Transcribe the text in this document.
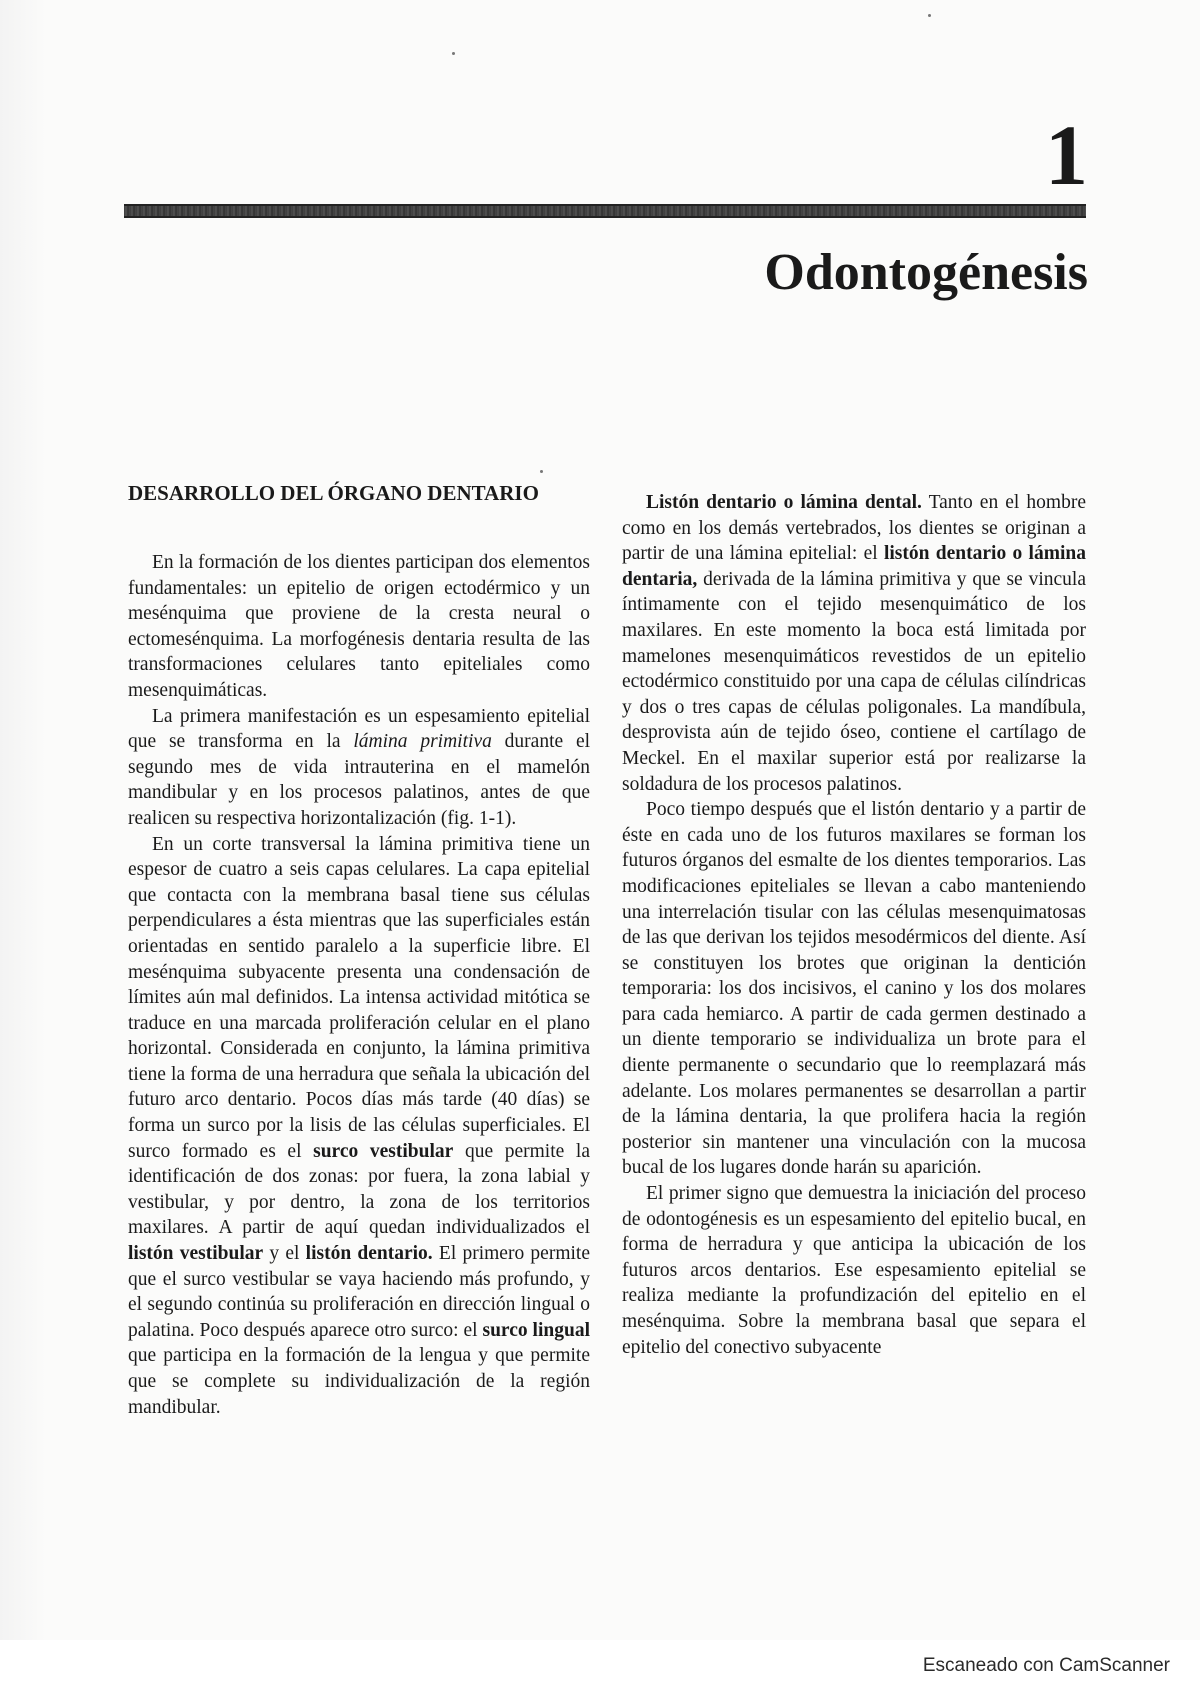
1
Odontogénesis
DESARROLLO DEL ÓRGANO DENTARIO

En la formación de los dientes participan dos elementos fundamentales: un epitelio de origen ectodérmico y un mesénquima que proviene de la cresta neural o ectomesénquima. La morfogénesis dentaria resulta de las transformaciones celulares tanto epiteliales como mesenquimáticas.

La primera manifestación es un espesamiento epitelial que se transforma en la lámina primitiva durante el segundo mes de vida intrauterina en el mamelón mandibular y en los procesos palatinos, antes de que realicen su respectiva horizontalización (fig. 1-1).

En un corte transversal la lámina primitiva tiene un espesor de cuatro a seis capas celulares. La capa epitelial que contacta con la membrana basal tiene sus células perpendiculares a ésta mientras que las superficiales están orientadas en sentido paralelo a la superficie libre. El mesénquima subyacente presenta una condensación de límites aún mal definidos. La intensa actividad mitótica se traduce en una marcada proliferación celular en el plano horizontal. Considerada en conjunto, la lámina primitiva tiene la forma de una herradura que señala la ubicación del futuro arco dentario. Pocos días más tarde (40 días) se forma un surco por la lisis de las células superficiales. El surco formado es el surco vestibular que permite la identificación de dos zonas: por fuera, la zona labial y vestibular, y por dentro, la zona de los territorios maxilares. A partir de aquí quedan individualizados el listón vestibular y el listón dentario. El primero permite que el surco vestibular se vaya haciendo más profundo, y el segundo continúa su proliferación en dirección lingual o palatina. Poco después aparece otro surco: el surco lingual que participa en la formación de la lengua y que permite que se complete su individualización de la región mandibular.

Listón dentario o lámina dental. Tanto en el hombre como en los demás vertebrados, los dientes se originan a partir de una lámina epitelial: el listón dentario o lámina dentaria, derivada de la lámina primitiva y que se vincula íntimamente con el tejido mesenquimático de los maxilares. En este momento la boca está limitada por mamelones mesenquimáticos revestidos de un epitelio ectodérmico constituido por una capa de células cilíndricas y dos o tres capas de células poligonales. La mandíbula, desprovista aún de tejido óseo, contiene el cartílago de Meckel. En el maxilar superior está por realizarse la soldadura de los procesos palatinos.

Poco tiempo después que el listón dentario y a partir de éste en cada uno de los futuros maxilares se forman los futuros órganos del esmalte de los dientes temporarios. Las modificaciones epiteliales se llevan a cabo manteniendo una interrelación tisular con las células mesenquimatosas de las que derivan los tejidos mesodérmicos del diente. Así se constituyen los brotes que originan la dentición temporaria: los dos incisivos, el canino y los dos molares para cada hemiarco. A partir de cada germen destinado a un diente temporario se individualiza un brote para el diente permanente o secundario que lo reemplazará más adelante. Los molares permanentes se desarrollan a partir de la lámina dentaria, la que prolifera hacia la región posterior sin mantener una vinculación con la mucosa bucal de los lugares donde harán su aparición.

El primer signo que demuestra la iniciación del proceso de odontogénesis es un espesamiento del epitelio bucal, en forma de herradura y que anticipa la ubicación de los futuros arcos dentarios. Ese espesamiento epitelial se realiza mediante la profundización del epitelio en el mesénquima. Sobre la membrana basal que separa el epitelio del conectivo subyacente

Escaneado con CamScanner
